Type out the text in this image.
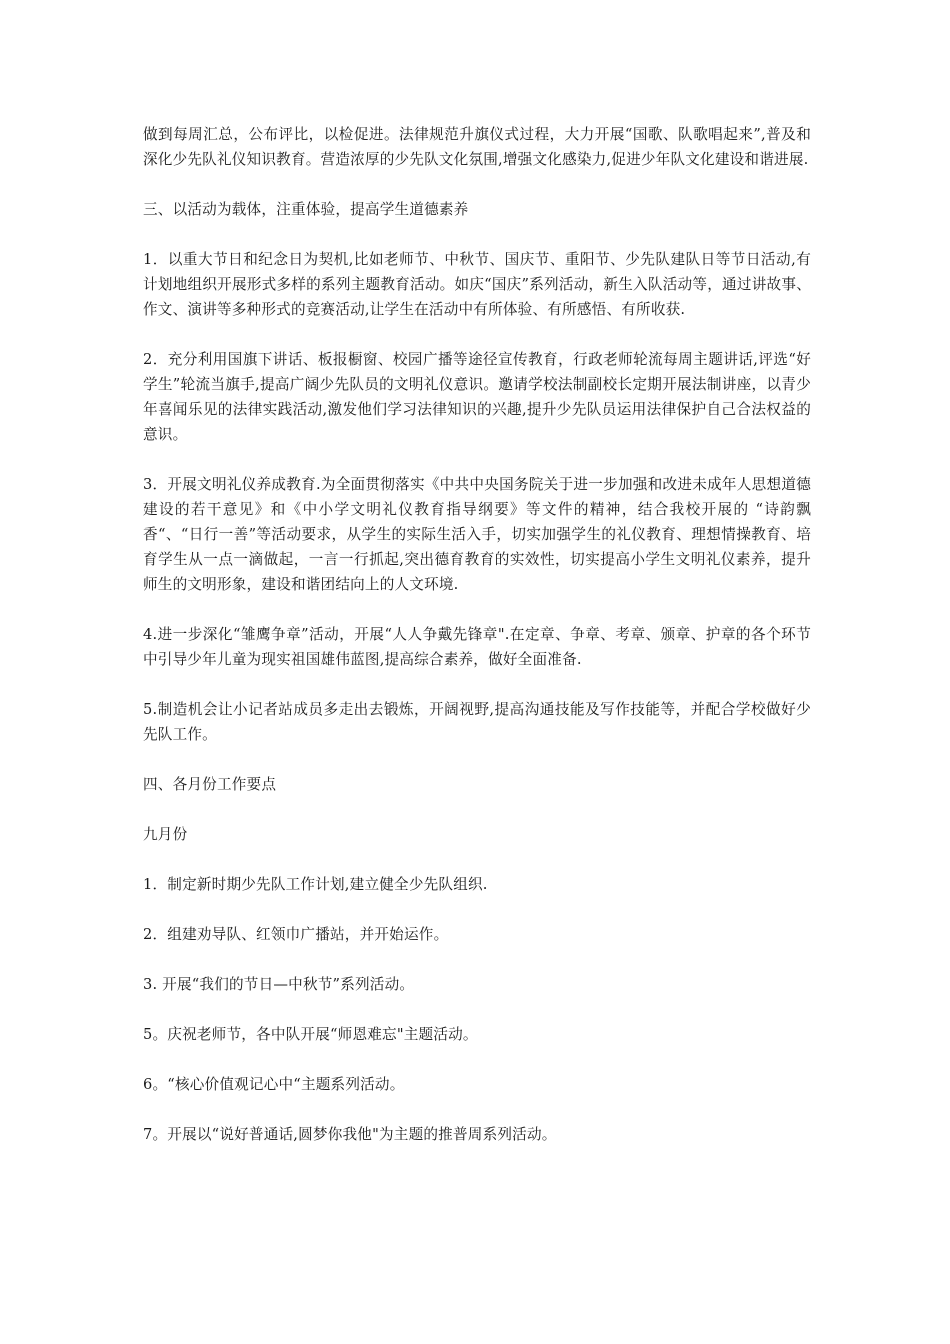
做到每周汇总，公布评比，以检促进。法律规范升旗仪式过程，大力开展“国歌、队歌唱起来”,普及和深化少先队礼仪知识教育。营造浓厚的少先队文化氛围,增强文化感染力,促进少年队文化建设和谐进展.

三、以活动为载体，注重体验，提高学生道德素养

1．以重大节日和纪念日为契机,比如老师节、中秋节、国庆节、重阳节、少先队建队日等节日活动,有计划地组织开展形式多样的系列主题教育活动。如庆“国庆”系列活动，新生入队活动等，通过讲故事、作文、演讲等多种形式的竞赛活动,让学生在活动中有所体验、有所感悟、有所收获.

2．充分利用国旗下讲话、板报橱窗、校园广播等途径宣传教育，行政老师轮流每周主题讲话,评选“好学生”轮流当旗手,提高广阔少先队员的文明礼仪意识。邀请学校法制副校长定期开展法制讲座，以青少年喜闻乐见的法律实践活动,激发他们学习法律知识的兴趣,提升少先队员运用法律保护自己合法权益的意识。

3．开展文明礼仪养成教育.为全面贯彻落实《中共中央国务院关于进一步加强和改进未成年人思想道德建设的若干意见》和《中小学文明礼仪教育指导纲要》等文件的精神，结合我校开展的 “诗韵飘香“、“日行一善”等活动要求，从学生的实际生活入手，切实加强学生的礼仪教育、理想情操教育、培育学生从一点一滴做起，一言一行抓起,突出德育教育的实效性，切实提高小学生文明礼仪素养，提升师生的文明形象，建设和谐团结向上的人文环境.

4.进一步深化“雏鹰争章”活动，开展“人人争戴先锋章".在定章、争章、考章、颁章、护章的各个环节中引导少年儿童为现实祖国雄伟蓝图,提高综合素养，做好全面准备.

5.制造机会让小记者站成员多走出去锻炼，开阔视野,提高沟通技能及写作技能等，并配合学校做好少先队工作。

四、各月份工作要点

九月份

1．制定新时期少先队工作计划,建立健全少先队组织.

2．组建劝导队、红领巾广播站，并开始运作。

3. 开展“我们的节日—中秋节”系列活动。

5。庆祝老师节，各中队开展“师恩难忘"主题活动。

6。“核心价值观记心中“主题系列活动。

7。开展以“说好普通话,圆梦你我他"为主题的推普周系列活动。
